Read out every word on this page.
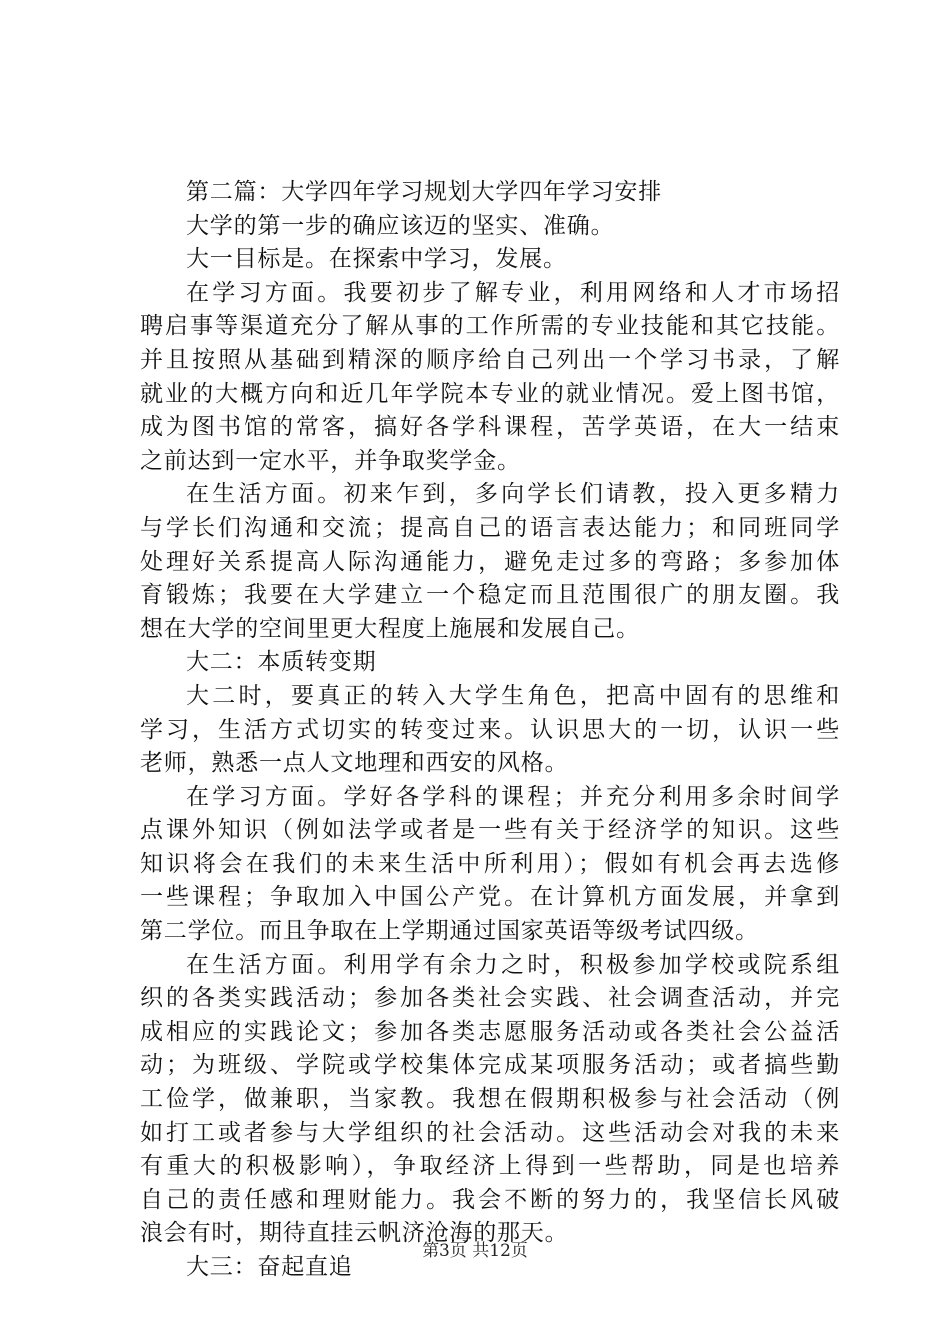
第二篇：大学四年学习规划大学四年学习安排
大学的第一步的确应该迈的坚实、准确。
大一目标是。在探索中学习，发展。
在学习方面。我要初步了解专业，利用网络和人才市场招
聘启事等渠道充分了解从事的工作所需的专业技能和其它技能。
并且按照从基础到精深的顺序给自己列出一个学习书录，了解
就业的大概方向和近几年学院本专业的就业情况。爱上图书馆，
成为图书馆的常客，搞好各学科课程，苦学英语，在大一结束
之前达到一定水平，并争取奖学金。
在生活方面。初来乍到，多向学长们请教，投入更多精力
与学长们沟通和交流；提高自己的语言表达能力；和同班同学
处理好关系提高人际沟通能力，避免走过多的弯路；多参加体
育锻炼；我要在大学建立一个稳定而且范围很广的朋友圈。我
想在大学的空间里更大程度上施展和发展自己。
大二：本质转变期
大二时，要真正的转入大学生角色，把高中固有的思维和
学习，生活方式切实的转变过来。认识思大的一切，认识一些
老师，熟悉一点人文地理和西安的风格。
在学习方面。学好各学科的课程；并充分利用多余时间学
点课外知识（例如法学或者是一些有关于经济学的知识。这些
知识将会在我们的未来生活中所利用）；假如有机会再去选修
一些课程；争取加入中国公产党。在计算机方面发展，并拿到
第二学位。而且争取在上学期通过国家英语等级考试四级。
在生活方面。利用学有余力之时，积极参加学校或院系组
织的各类实践活动；参加各类社会实践、社会调查活动，并完
成相应的实践论文；参加各类志愿服务活动或各类社会公益活
动；为班级、学院或学校集体完成某项服务活动；或者搞些勤
工俭学，做兼职，当家教。我想在假期积极参与社会活动（例
如打工或者参与大学组织的社会活动。这些活动会对我的未来
有重大的积极影响），争取经济上得到一些帮助，同是也培养
自己的责任感和理财能力。我会不断的努力的，我坚信长风破
浪会有时，期待直挂云帆济沧海的那天。
大三：奋起直追
第3页 共12页
